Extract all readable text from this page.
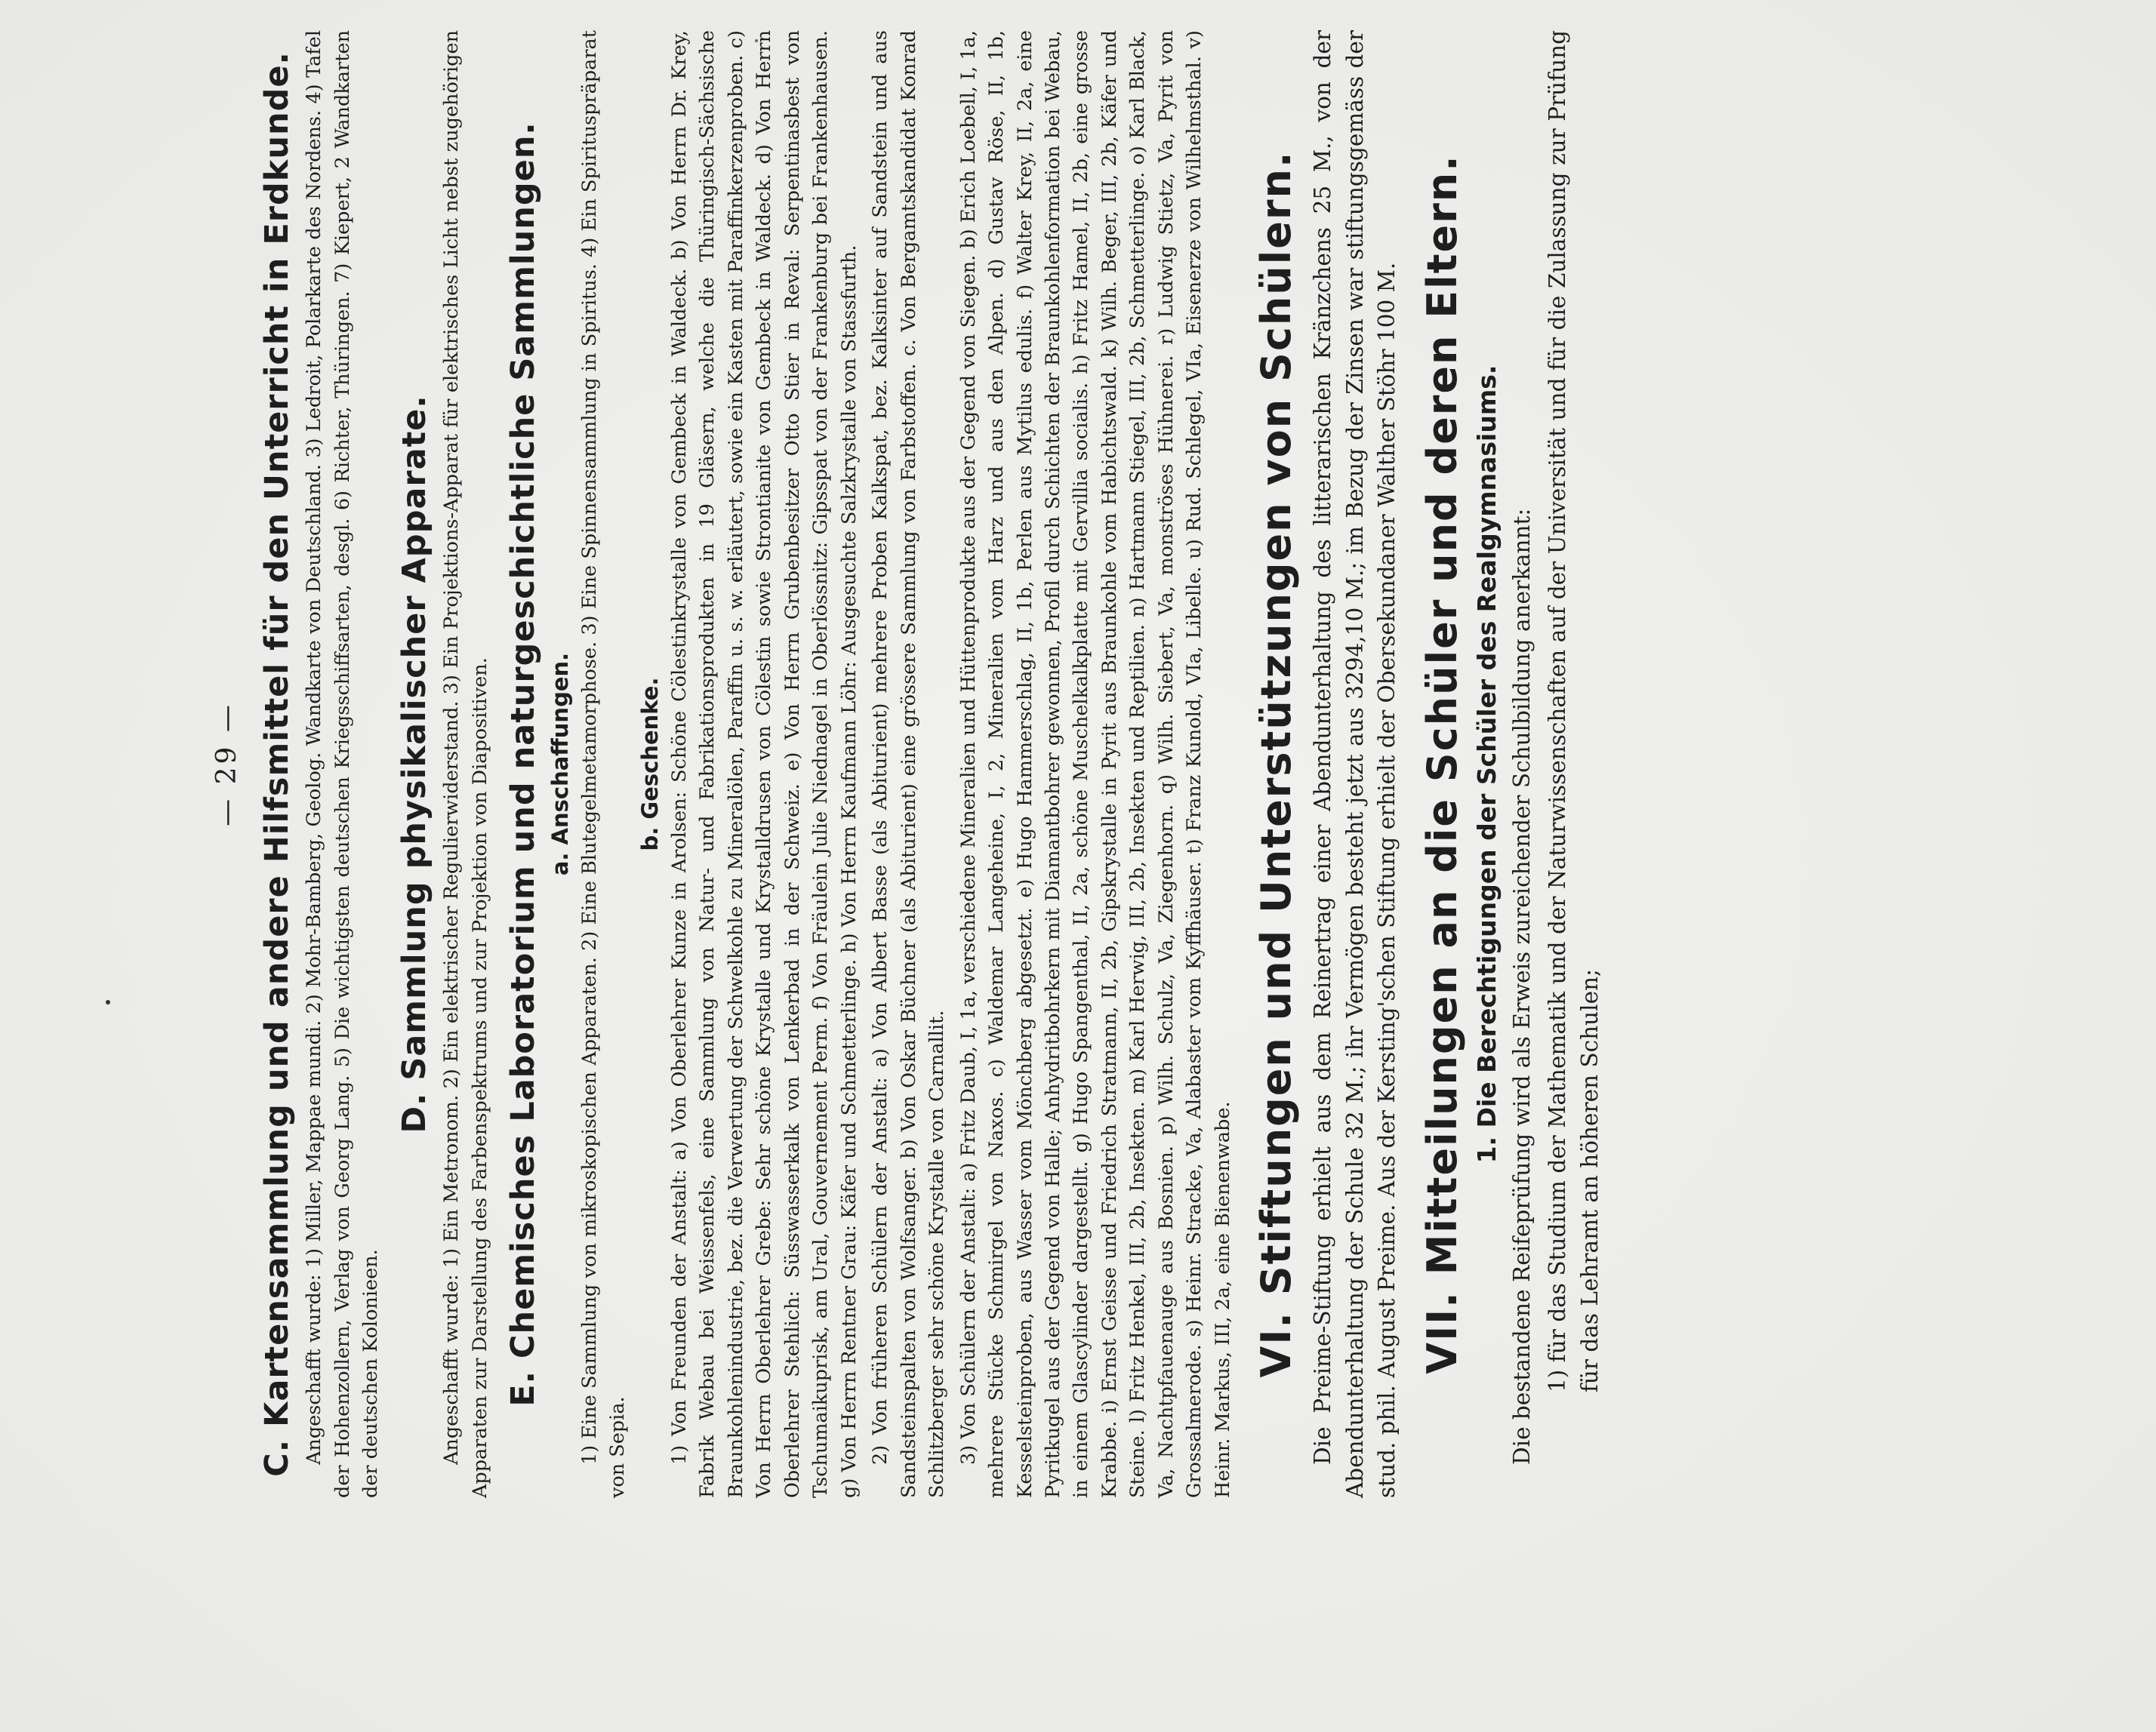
— 29 — C. Kartensammlung und andere Hilfsmittel für den Unterricht in Erdkunde. Angeschafft wurde: 1) Miller, Mappae mundi. 2) Mohr-Bamberg, Geolog. Wandkarte von Deutschland. 3) Ledroit, Polarkarte des Nordens. 4) Tafel der Hohenzollern, Verlag von Georg Lang. 5) Die wichtigsten deutschen Kriegsschiffsarten, desgl. 6) Richter, Thüringen. 7) Kiepert, 2 Wandkarten der deutschen Kolonieen.

D. Sammlung physikalischer Apparate. Angeschafft wurde: 1) Ein Metronom. 2) Ein elektrischer Regulierwiderstand. 3) Ein Projektions-Apparat für elektrisches Licht nebst zugehörigen Apparaten zur Darstellung des Farbenspektrums und zur Projektion von Diapositiven. E. Chemisches Laboratorium und naturgeschichtliche Sammlungen. a. Anschaffungen. 1) Eine Sammlung von mikroskopischen Apparaten. 2) Eine Blutegelmetamorphose. 3) Eine Spinnensammlung in Spiritus. 4) Ein Spirituspräparat von Sepia.

b. Geschenke. 1) Von Freunden der Anstalt: a) Von Oberlehrer Kunze in Arolsen: Schöne Cölestinkrystalle von Gembeck in Waldeck. b) Von Herrn Dr. Krey, Fabrik Webau bei Weissenfels, eine Sammlung von Natur- und Fabrikationsprodukten in 19 Gläsern, welche die Thüringisch-Sächsische Braunkohlenindustrie, bez. die Verwertung der Schwelkohle zu Mineralölen, Paraffin u. s. w. erläutert, sowie ein Kasten mit Paraffinkerzenproben. c) Von Herrn Oberlehrer Grebe: Sehr schöne Krystalle und Krystalldrusen von Cölestin sowie Strontianite von Gembeck in Waldeck. d) Von Herrn Oberlehrer Stehlich: Süsswasserkalk von Lenkerbad in der Schweiz. e) Von Herrn Grubenbesitzer Otto Stier in Reval: Serpentinasbest von Tschumaikuprisk, am Ural, Gouvernement Perm. f) Von Fräulein Julie Niednagel in Oberlössnitz: Gipsspat von der Frankenburg bei Frankenhausen. g) Von Herrn Rentner Grau: Käfer und Schmetterlinge. h) Von Herrn Kaufmann Löhr: Ausgesuchte Salzkrystalle von Stassfurth. 2) Von früheren Schülern der Anstalt: a) Von Albert Basse (als Abiturient) mehrere Proben Kalkspat, bez. Kalksinter auf Sandstein und aus Sandsteinspalten von Wolfsanger. b) Von Oskar Büchner (als Abiturient) eine grössere Sammlung von Farbstoffen. c. Von Bergamtskandidat Konrad Schlitzberger sehr schöne Krystalle von Carnallit. 3) Von Schülern der Anstalt: a) Fritz Daub, I, 1a, verschiedene Mineralien und Hüttenprodukte aus der Gegend von Siegen. b) Erich Loebell, I, 1a, mehrere Stücke Schmirgel von Naxos. c) Waldemar Langeheine, I, 2, Mineralien vom Harz und aus den Alpen. d) Gustav Röse, II, 1b, Kesselsteinproben, aus Wasser vom Mönchberg abgesetzt. e) Hugo Hammerschlag, II, 1b, Perlen aus Mytilus edulis. f) Walter Krey, II, 2a, eine Pyritkugel aus der Gegend von Halle; Anhydritbohrkern mit Diamantbohrer gewonnen, Profil durch Schichten der Braunkohlenformation bei Webau, in einem Glascylinder dargestellt. g) Hugo Spangenthal, II, 2a, schöne Muschelkalkplatte mit Gervillia socialis. h) Fritz Hamel, II, 2b, eine grosse Krabbe. i) Ernst Geisse und Friedrich Stratmann, II, 2b, Gipskrystalle in Pyrit aus Braunkohle vom Habichtswald. k) Wilh. Beger, III, 2b, Käfer und Steine. l) Fritz Henkel, III, 2b, Insekten. m) Karl Herwig, III, 2b, Insekten und Reptilien. n) Hartmann Stiegel, III, 2b, Schmetterlinge. o) Karl Black, Va, Nachtpfauenauge aus Bosnien. p) Wilh. Schulz, Va, Ziegenhorn. q) Wilh. Siebert, Va, monströses Hühnerei. r) Ludwig Stietz, Va, Pyrit von Grossalmerode. s) Heinr. Stracke, Va, Alabaster vom Kyffhäuser. t) Franz Kunold, VIa, Libelle. u) Rud. Schlegel, VIa, Eisenerze von Wilhelmsthal. v) Heinr. Markus, III, 2a, eine Bienenwabe. VI. Stiftungen und Unterstützungen von Schülern. Die Preime-Stiftung erhielt aus dem Reinertrag einer Abendunterhaltung des litterarischen Kränzchens 25 M., von der Abendunterhaltung der Schule 32 M.; ihr Vermögen besteht jetzt aus 3294,10 M.; im Bezug der Zinsen war stiftungsgemäss der stud. phil. August Preime. Aus der Kersting'schen Stiftung erhielt der Obersekundaner Walther Stöhr 100 M. VII. Mitteilungen an die Schüler und deren Eltern. 1. Die Berechtigungen der Schüler des Realgymnasiums. Die bestandene Reifeprüfung wird als Erweis zureichender Schulbildung anerkannt: 1) für das Studium der Mathematik und der Naturwissenschaften auf der Universität und für die Zulassung zur Prüfung für das Lehramt an höheren Schulen;
